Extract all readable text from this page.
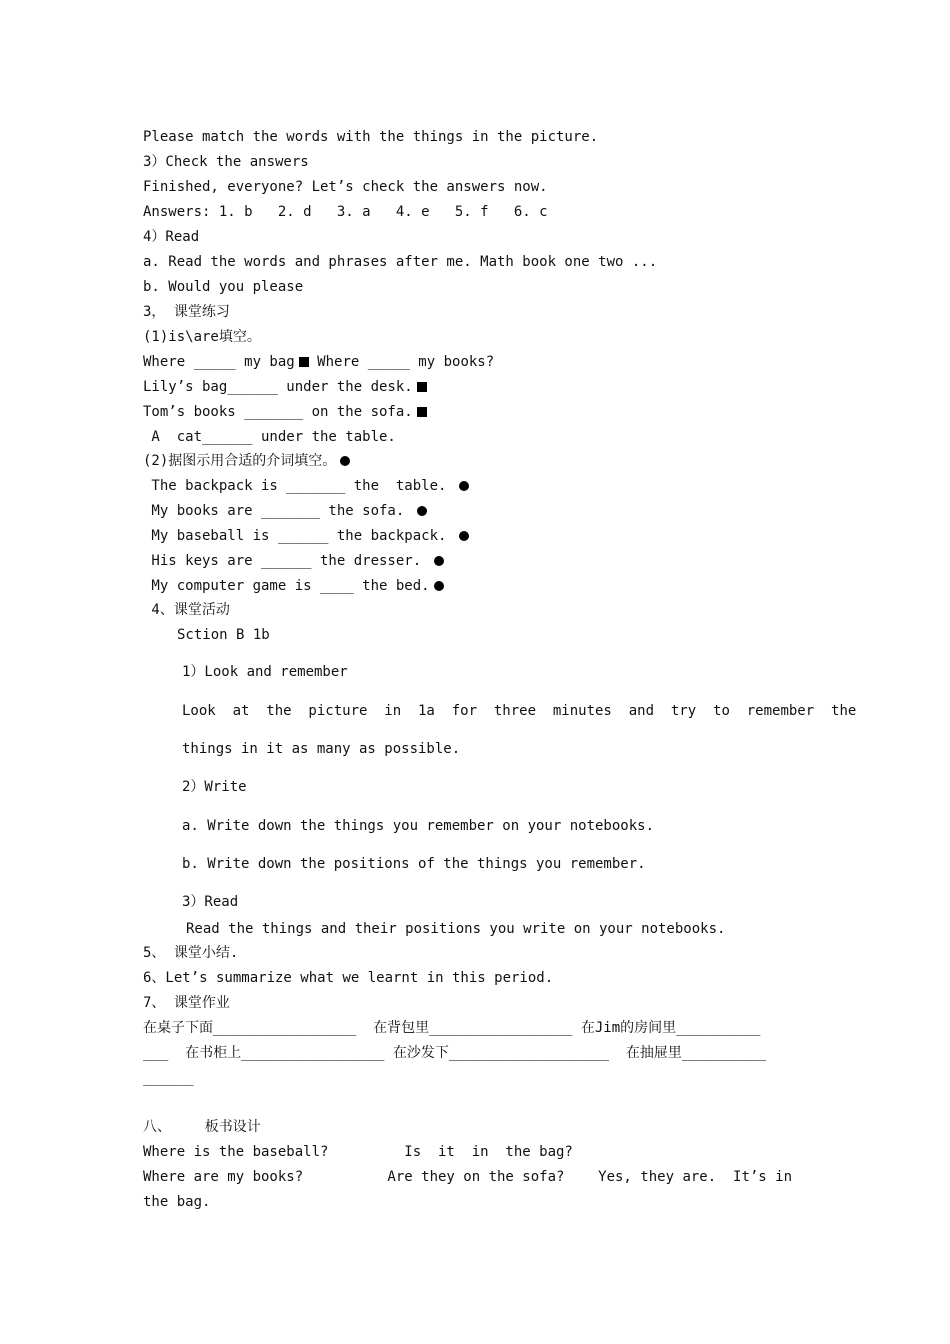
Please match the words with the things in the picture.
3）Check the answers
Finished, everyone? Let’s check the answers now.
Answers: 1. b   2. d   3. a   4. e   5. f   6. c
4）Read
a. Read the words and phrases after me. Math book one two ...
b. Would you please
3， 课堂练习
(1)is\are填空。
Where _____ my bag Where _____ my books?
Lily’s bag______ under the desk.
Tom’s books _______ on the sofa.
A  cat______ under the table.
(2)据图示用合适的介词填空。
The backpack is _______ the  table.
My books are _______ the sofa.
My baseball is ______ the backpack.
His keys are ______ the dresser.
My computer game is ____ the bed.
4、课堂活动
Sction B 1b
1）Look and remember
Look  at  the  picture  in  1a  for  three  minutes  and  try  to  remember  the
things in it as many as possible.
2）Write
a. Write down the things you remember on your notebooks.
b. Write down the positions of the things you remember.
3）Read
Read the things and their positions you write on your notebooks.
5、 课堂小结.
6、Let’s summarize what we learnt in this period.
7、 课堂作业
在桌子下面_________________  在背包里_________________ 在Jim的房间里__________
___  在书柜上_________________ 在沙发下___________________  在抽屉里__________
______
八、    板书设计
Where is the baseball?         Is  it  in  the bag?
Where are my books?          Are they on the sofa?    Yes, they are.  It’s in
the bag.
